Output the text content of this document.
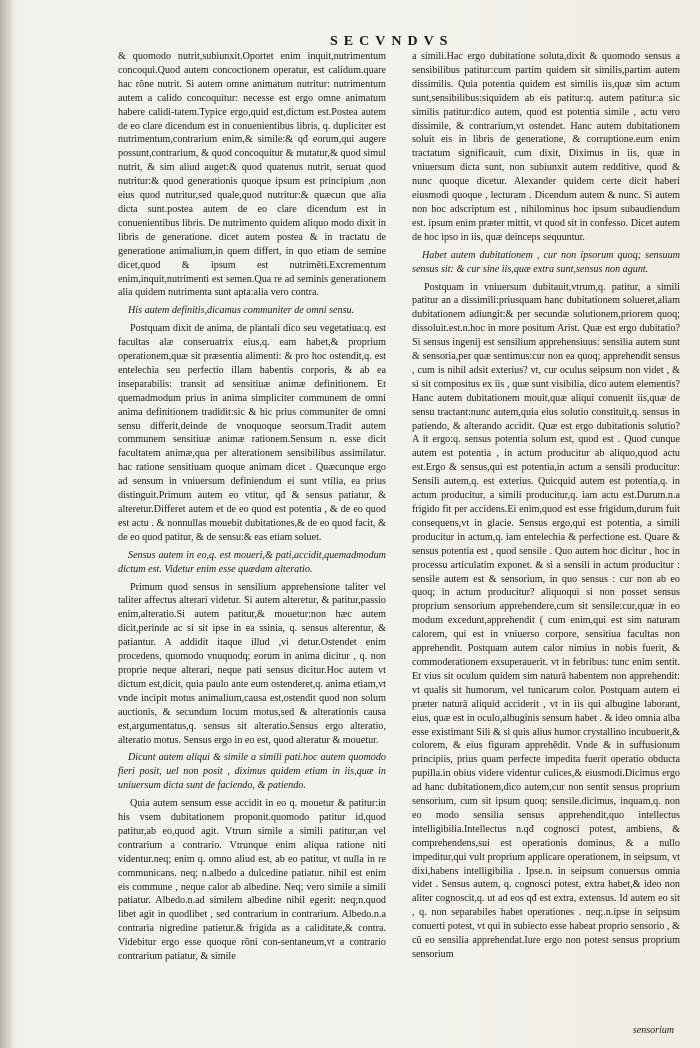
SECVNDVS

& quomodo nutrit,subiunxit.Oportet enim inquit,nutrimentum concoqui.Quod autem concoctionem operatur, est calidum.quare hac rõne nutrit. Si autem omne animatum nutritur: nutrimentum autem a calido concoquitur: necesse est ergo omne animatum habere calidi-tatem.Typice ergo,quid est,dictum est.Postea autem de eo clare dicendum est in conuenientibus libris, q. dupliciter est nutrimentum,contrarium enim,& simile:& qđ eorum,qui augere possunt,contrarium, & quod concoquitur & mutatur,& quod simul nutrit, & sim aliud auget:& quod quatenus nutrit, seruat quod nutritur:& quod generationis quoque ipsum est principium ,non eius quod nutritur,sed quale,quod nutritur:& quæcun que alia dicta sunt.postea autem de eo clare dicendum est in conuenientibus libris. De nutrimento quidem aliquo modo dixit in libris de generatione. dicet autem postea & in tractatu de generatione animalium,in quem differt, in quo etiam de semine dicet,quod & ipsum est nutrimēti.Excrementum enim,inquit,nutrimenti est semen.Qua re ad seminis generationem alia quidem nutrimenta sunt apta:alia vero contra.

His autem definitis,dicamus communiter de omni sensu.

Postquam dixit de anima, de plantali dico seu vegetatiua:q. est facultas alæ conseruatrix eius,q. eam habet,& proprium operationem,quæ sit præsentia alimenti: & pro hoc ostendit,q. est entelechia seu perfectio illam habentis corporis, & ab ea inseparabilis: transit ad sensitiuæ animæ definitionem. Et quemadmodum prius in anima simpliciter communem de omni anima definitionem tradidit:sic & hic prius communiter de omni sensu differit,deinde de vnoquoque seorsum.Tradit autem communem sensitiuæ animæ rationem.Sensum n. esse dicit facultatem animæ,qua per alterationem sensibilibus assimilatur. hac ratione sensitiuam quoque animam dicet . Quæcunque ergo ad sensum in vniuersum definiendum ei sunt vtilia, ea prius distinguit.Primum autem eo vtitur, qđ & sensus patiatur, & alteretur.Differet autem et de eo quod est potentia , & de eo quod est actu . & nonnullas mouebit dubitationes,& de eo quod facit, & de eo quod patitur, & de sensu:& eas etiam soluet.

Sensus autem in eo,q. est moueri,& pati,accidit,quemadmodum dictum est. Videtur enim esse quædam alteratio.

Primum quod sensus in sensilium apprehensione taliter vel taliter affectus alterari videtur. Si autem alteretur, & patitur,passio enim,alteratio.Si autem patitur,& mouetur:non hæc autem dicit,perinde ac si sit ipse in ea ssinia, q. sensus alterentur, & patiantur. A addidit itaque illud ,vi detur.Ostendet enim procedens, quomodo vnuquodq; eorum in anima dicitur , q. non proprie neque alterari, neque pati sensus dicitur.Hoc autem vt dictum est,dicit, quia paulo ante eum ostenderet,q. anima etiam,vt vnde incipit motus animalium,causa est,ostendit quod non solum auctionis, & secundum locum motus,sed & alterationis causa est,argumentatus,q. sensus sit alteratio.Sensus ergo alteratio, alteratio motus. Sensus ergo in eo est, quod alteratur & mouetur.

Dicunt autem aliqui & simile a simili pati.hoc autem quomodo fieri posit, uel non posit , diximus quidem etiam in iis,quæ in uniuersum dicta sunt de faciendo, & patiendo.

Quia autem sensum esse accidit in eo q. mouetur & patitur:in his vsem dubitationem proponit.quomodo patitur id,quod patitur,ab eo,quod agit. Vtrum simile a simili patitur,an vel contrarium a contrario. Vtrunque enim aliqua ratione niti videntur.neq; enim q. omno aliud est, ab eo patitur, vt nulla in re communicans. neq; n.albedo a dulcedine patiatur. nihil est enim eis commune , neque calor ab albedine. Neq; vero simile a simili patiatur. Albedo.n.ad similem albedine nihil egerit: neq;n.quod libet agit in quodlibet , sed contrarium in contrarium. Albedo.n.a contraria nigredine patietur.& frigida as a caliditate,& contra. Videbitur ergo esse quoque rõni con-sentaneum,vt a contrario contrarium patiatur, & simile

a simili.Hac ergo dubitatione soluta,dixit & quomodo sensus a sensibilibus patitur:cum partim quidem sit similis,partim autem dissimilis. Quia potentia quidem est similis iis,quæ sim actum sunt,sensibilibus:siquidem ab eis patitur:q. autem patitur:a sic similis patitur:dico autem, quod est potentia simile , actu vero dissimile, & contrarium,vt ostendet. Hanc autem dubitationem soluit eis in libris de generatione, & corruptione.eum enim tractatum significauit, cum dixit, Diximus in iis, quæ in vniuersum dicta sunt, non subiunxit autem redditive, quod & nunc quoque dicetur. Alexander quidem certe dicit haberi eiusmodi quoque , lecturam . Dicendum autem & nunc. Si autem non hoc adscriptum est , nihilominus hoc ipsum subaudiendum est. ipsum enim præter mittit, vt quod sit in confesso. Dicet autem de hoc ipso in iis, quæ deinceps sequuntur.

Habet autem dubitationem , cur non ipsorum quoq; sensuum sensus sit: & cur sine iis,quæ extra sunt,sensus non agunt.

Postquam in vniuersum dubitauit,vtrum,q. patitur, a simili patitur an a dissimili:priusquam hanc dubitationem solueret,aliam dubitationem adiungit:& per secundæ solutionem,priorem quoq; dissoluit.est.n.hoc in more positum Arist. Quæ est ergo dubitatio? Si sensus ingenij est sensilium apprehensiuus: sensilia autem sunt & sensoria,per quæ sentimus:cur non ea quoq; apprehendit sensus , cum is nihil adsit exterius? vt, cur oculus seipsum non videt , & si sit compositus ex iis , quæ sunt visibilia, dico autem elementis? Hanc autem dubitationem mouit,quæ aliqui conuenit iis,quæ de sensu tractant:nunc autem,quia eius solutio constituit,q. sensus in patiendo, & alterando accidit. Quæ est ergo dubitationis solutio? A it ergo:q. sensus potentia solum est, quod est . Quod cunque autem est potentia , in actum producitur ab aliquo,quod actu est.Ergo & sensus,qui est potentia,in actum a sensili producitur: Sensili autem,q. est exterius. Quicquid autem est potentia,q. in actum producitur, a simili producitur,q. iam actu est.Durum.n.a frigido fit per accidens.Ei enim,quod est esse frigidum,durum fuit consequens,vt in glacie. Sensus ergo,qui est potentia, a simili producitur in actum,q. iam entelechia & perfectione est. Quare & sensus potentia est , quod sensile . Quo autem hoc dicitur , hoc in processu articulatim exponet. & si a sensili in actum producitur : sensile autem est & sensorium, in quo sensus : cur non ab eo quoq; in actum producitur? aliquoqui si non posset sensus proprium sensorium apprehendere,cum sit sensile:cur,quæ in eo modum excedunt,apprehendit ( cum enim,qui est sim naturam calorem, qui est in vniuerso corpore, sensitiua facultas non apprehendit. Postquam autem calor nimius in nobis fuerit, & commoderationem exsuperauerit. vt in febribus: tunc enim sentit. Et vius sit oculum quidem sim naturā habentem non apprehendit: vt qualis sit humorum, vel tunicarum color. Postquam autem ei præter naturā aliquid acciderit , vt in iis qui albugine laborant, eius, quæ est in oculo,albuginis sensum habet . & ideo omnia alba esse existimant Sili & si quis alius humor crystallino incubuerit,& colorem, & eius figuram apprehēdit. Vnde & in suffusionum principiis, prius quam perfecte impedita fuerit operatio obducta pupilla.in obius videre videntur culices,& eiusmodi.Dicimus ergo ad hanc dubitationem,dico autem,cur non sentit sensus proprium sensorium, cum sit ipsum quoq; sensile.dicimus, inquam,q. non eo modo sensilia sensus apprehendit,quo intellectus intelligibilia.Intellectus n.qđ cognosci potest, ambiens, & comprehendens,sui est operationis dominus, & a nullo impeditur,qui vult proprium applicare operationem, in seipsum, vt dixi,habens intelligibilia . Ipse.n. in seipsum conuersus omnia videt . Sensus autem, q. cognosci potest, extra habet,& ideo non aliter cognoscit,q. ut ad eos qđ est extra, extensus. Id autem eo sit , q. non separabiles habet operationes . neq;.n.ipse in seipsum conuerti potest, vt qui in subiecto esse habeat proprio sensorio , & cũ eo sensilia apprehendat.Iure ergo non potest sensus proprium sensorium

sensorium
